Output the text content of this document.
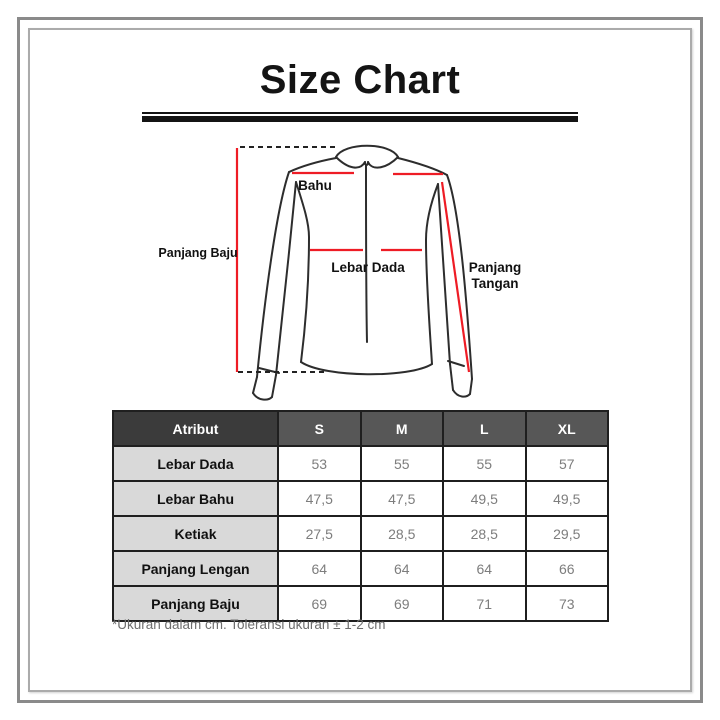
Size Chart
Bahu
Panjang Baju
Lebar Dada	Panjang
Tangan
Atribut	S	M	L	XL
Lebar Dada	53	55	55	57
Lebar Bahu	47,5	47,5	49,5	49,5
Ketiak	27,5	28,5	28,5	29,5
Panjang Lengan	64	64	64	66
Panjang Baju	69	69	71	73
*Ukuran dalam cm. Toleransi ukuran ± 1-2 cm
